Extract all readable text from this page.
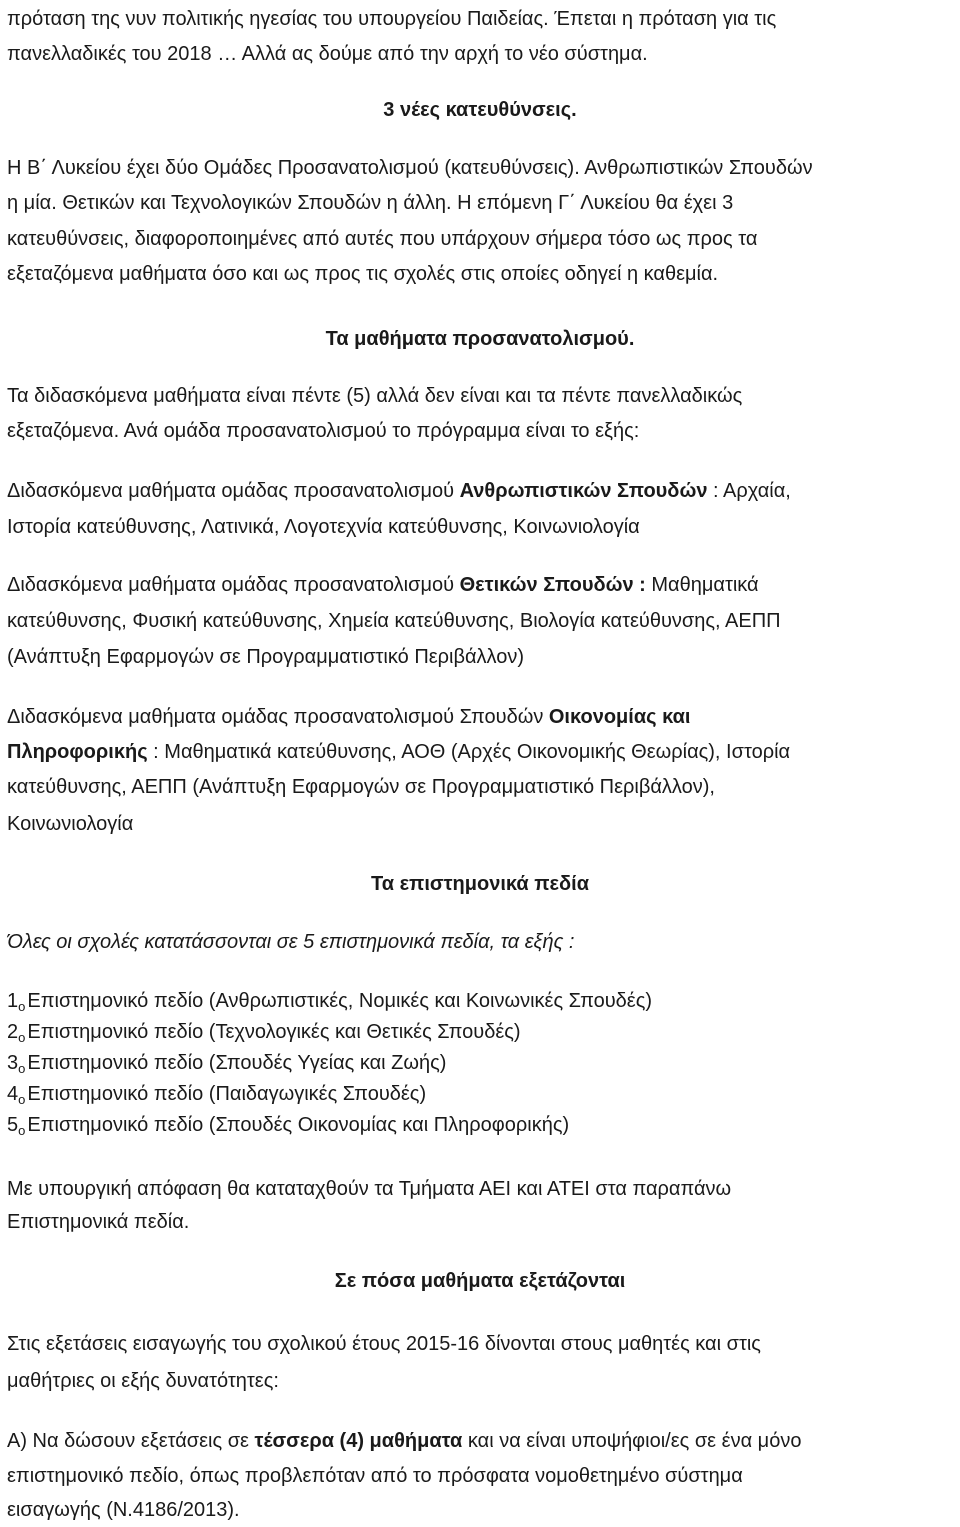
πρόταση της νυν πολιτικής ηγεσίας του υπουργείου Παιδείας. Έπεται η πρόταση για τις
πανελλαδικές του 2018 … Αλλά ας δούμε από την αρχή το νέο σύστημα.
3 νέες κατευθύνσεις.
Η Β΄ Λυκείου έχει δύο Ομάδες Προσανατολισμού (κατευθύνσεις). Ανθρωπιστικών Σπουδών
η μία. Θετικών και Τεχνολογικών Σπουδών η άλλη. Η επόμενη Γ΄ Λυκείου θα έχει 3
κατευθύνσεις, διαφοροποιημένες από αυτές που υπάρχουν σήμερα τόσο ως προς τα
εξεταζόμενα μαθήματα όσο και ως προς τις σχολές στις οποίες οδηγεί η καθεμία.
Τα μαθήματα προσανατολισμού.
Τα διδασκόμενα μαθήματα είναι πέντε (5) αλλά δεν είναι και τα πέντε πανελλαδικώς
εξεταζόμενα. Ανά ομάδα προσανατολισμού το πρόγραμμα είναι το εξής:
Διδασκόμενα μαθήματα ομάδας προσανατολισμού Ανθρωπιστικών Σπουδών : Αρχαία,
Ιστορία κατεύθυνσης, Λατινικά, Λογοτεχνία κατεύθυνσης, Κοινωνιολογία
Διδασκόμενα μαθήματα ομάδας προσανατολισμού Θετικών Σπουδών : Μαθηματικά
κατεύθυνσης, Φυσική κατεύθυνσης, Χημεία κατεύθυνσης, Βιολογία κατεύθυνσης, ΑΕΠΠ
(Ανάπτυξη Εφαρμογών σε Προγραμματιστικό Περιβάλλον)
Διδασκόμενα μαθήματα ομάδας προσανατολισμού Σπουδών Οικονομίας και
Πληροφορικής : Μαθηματικά κατεύθυνσης, ΑΟΘ (Αρχές Οικονομικής Θεωρίας), Ιστορία
κατεύθυνσης, ΑΕΠΠ (Ανάπτυξη Εφαρμογών σε Προγραμματιστικό Περιβάλλον),
Κοινωνιολογία
Τα επιστημονικά πεδία
Όλες οι σχολές κατατάσσονται σε 5 επιστημονικά πεδία, τα εξής :
$1_o$ Επιστημονικό πεδίο (Ανθρωπιστικές, Νομικές και Κοινωνικές Σπουδές)
$2_o$ Επιστημονικό πεδίο (Τεχνολογικές και Θετικές Σπουδές)
$3_o$ Επιστημονικό πεδίο (Σπουδές Υγείας και Ζωής)
$4_o$ Επιστημονικό πεδίο (Παιδαγωγικές Σπουδές)
$5_o$ Επιστημονικό πεδίο (Σπουδές Οικονομίας και Πληροφορικής)
Με υπουργική απόφαση θα καταταχθούν τα Τμήματα ΑΕΙ και ΑΤΕΙ στα παραπάνω
Επιστημονικά πεδία.
Σε πόσα μαθήματα εξετάζονται
Στις εξετάσεις εισαγωγής του σχολικού έτους 2015-16 δίνονται στους μαθητές και στις
μαθήτριες οι εξής δυνατότητες:
Α) Να δώσουν εξετάσεις σε τέσσερα (4) μαθήματα και να είναι υποψήφιοι/ες σε ένα μόνο
επιστημονικό πεδίο, όπως προβλεπόταν από το πρόσφατα νομοθετημένο σύστημα
εισαγωγής (Ν.4186/2013).
